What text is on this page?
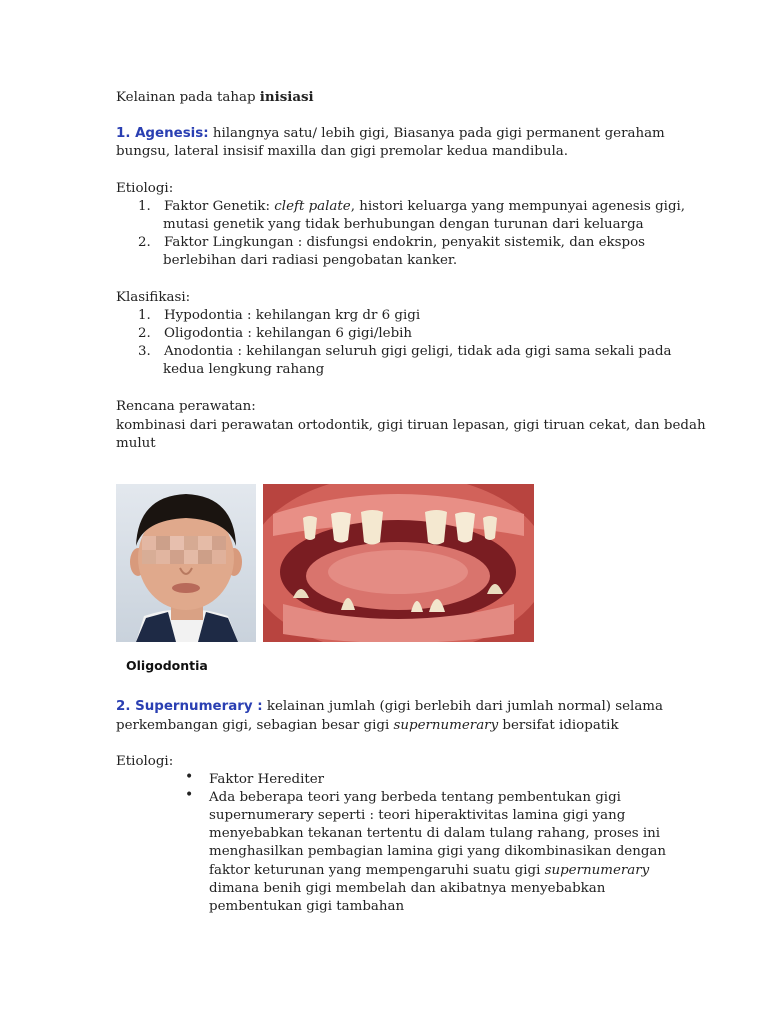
Kelainan pada tahap inisiasi
1. Agenesis: hilangnya satu/ lebih gigi, Biasanya pada gigi permanent geraham
bungsu, lateral insisif maxilla dan gigi premolar kedua mandibula.
Etiologi:
1. Faktor Genetik: cleft palate, histori keluarga yang mempunyai agenesis gigi,
mutasi genetik yang tidak berhubungan dengan turunan dari keluarga
2. Faktor Lingkungan : disfungsi endokrin, penyakit sistemik, dan ekspos
berlebihan dari radiasi pengobatan kanker.
Klasifikasi:
1. Hypodontia : kehilangan krg dr 6 gigi
2. Oligodontia : kehilangan 6 gigi/lebih
3. Anodontia : kehilangan seluruh gigi geligi, tidak ada gigi sama sekali pada
kedua lengkung rahang
Rencana perawatan:
kombinasi dari perawatan ortodontik, gigi tiruan lepasan, gigi tiruan cekat, dan bedah
mulut
Oligodontia
2. Supernumerary : kelainan jumlah (gigi berlebih dari jumlah normal) selama
perkembangan gigi, sebagian besar gigi supernumerary bersifat idiopatik
Etiologi:
• Faktor Herediter
• Ada beberapa teori yang berbeda tentang pembentukan gigi
supernumerary seperti : teori hiperaktivitas lamina gigi yang
menyebabkan tekanan tertentu di dalam tulang rahang, proses ini
menghasilkan pembagian lamina gigi yang dikombinasikan dengan
faktor keturunan yang mempengaruhi suatu gigi supernumerary
dimana benih gigi membelah dan akibatnya menyebabkan
pembentukan gigi tambahan
